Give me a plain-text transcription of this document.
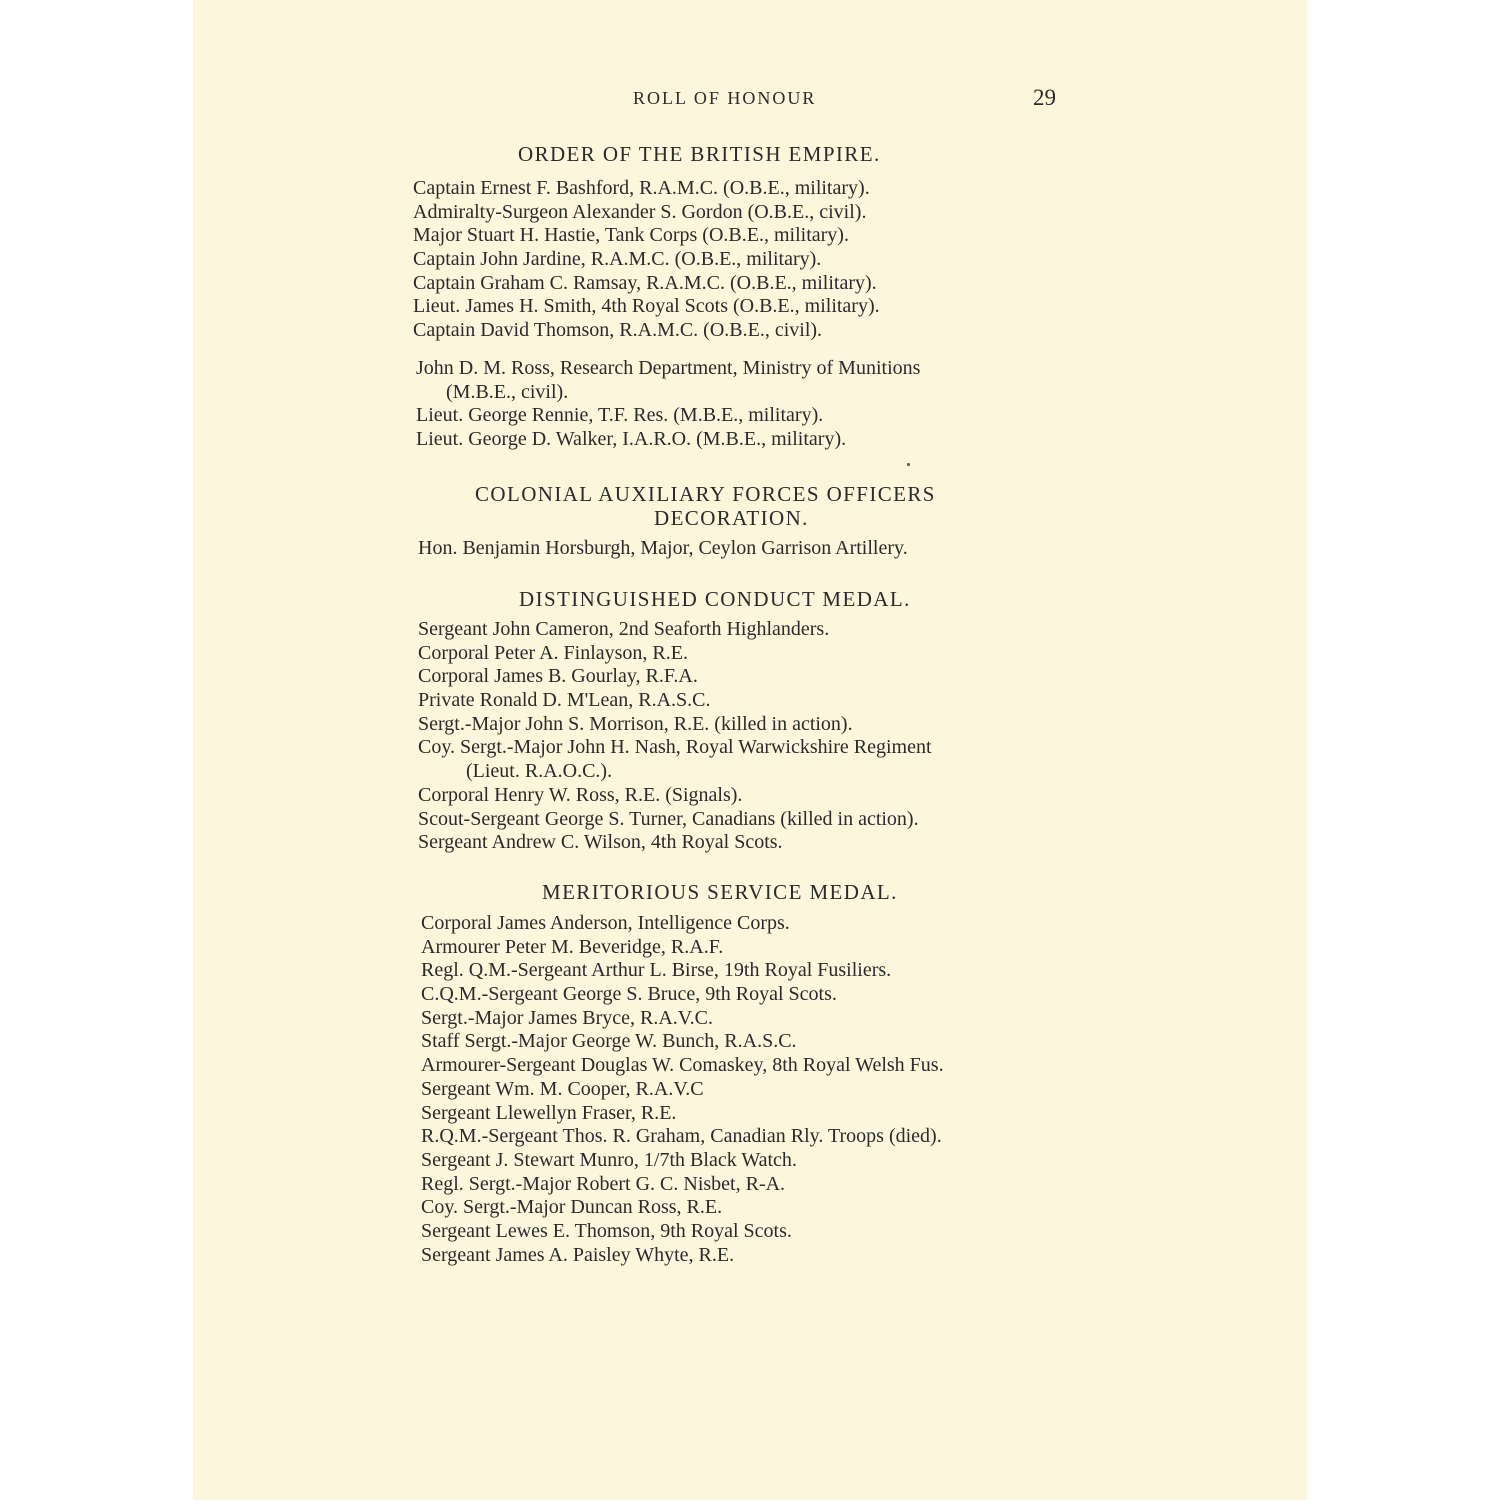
ROLL OF HONOUR	29
ORDER OF THE BRITISH EMPIRE.
Captain Ernest F. Bashford, R.A.M.C. (O.B.E., military).
Admiralty-Surgeon Alexander S. Gordon (O.B.E., civil).
Major Stuart H. Hastie, Tank Corps (O.B.E., military).
Captain John Jardine, R.A.M.C. (O.B.E., military).
Captain Graham C. Ramsay, R.A.M.C. (O.B.E., military).
Lieut. James H. Smith, 4th Royal Scots (O.B.E., military).
Captain David Thomson, R.A.M.C. (O.B.E., civil).
John D. M. Ross, Research Department, Ministry of Munitions
(M.B.E., civil).
Lieut. George Rennie, T.F. Res. (M.B.E., military).
Lieut. George D. Walker, I.A.R.O. (M.B.E., military).
COLONIAL AUXILIARY FORCES OFFICERS
DECORATION.
Hon. Benjamin Horsburgh, Major, Ceylon Garrison Artillery.
DISTINGUISHED CONDUCT MEDAL.
Sergeant John Cameron, 2nd Seaforth Highlanders.
Corporal Peter A. Finlayson, R.E.
Corporal James B. Gourlay, R.F.A.
Private Ronald D. M'Lean, R.A.S.C.
Sergt.-Major John S. Morrison, R.E. (killed in action).
Coy. Sergt.-Major John H. Nash, Royal Warwickshire Regiment
(Lieut. R.A.O.C.).
Corporal Henry W. Ross, R.E. (Signals).
Scout-Sergeant George S. Turner, Canadians (killed in action).
Sergeant Andrew C. Wilson, 4th Royal Scots.
MERITORIOUS SERVICE MEDAL.
Corporal James Anderson, Intelligence Corps.
Armourer Peter M. Beveridge, R.A.F.
Regl. Q.M.-Sergeant Arthur L. Birse, 19th Royal Fusiliers.
C.Q.M.-Sergeant George S. Bruce, 9th Royal Scots.
Sergt.-Major James Bryce, R.A.V.C.
Staff Sergt.-Major George W. Bunch, R.A.S.C.
Armourer-Sergeant Douglas W. Comaskey, 8th Royal Welsh Fus.
Sergeant Wm. M. Cooper, R.A.V.C
Sergeant Llewellyn Fraser, R.E.
R.Q.M.-Sergeant Thos. R. Graham, Canadian Rly. Troops (died).
Sergeant J. Stewart Munro, 1/7th Black Watch.
Regl. Sergt.-Major Robert G. C. Nisbet, R-A.
Coy. Sergt.-Major Duncan Ross, R.E.
Sergeant Lewes E. Thomson, 9th Royal Scots.
Sergeant James A. Paisley Whyte, R.E.
